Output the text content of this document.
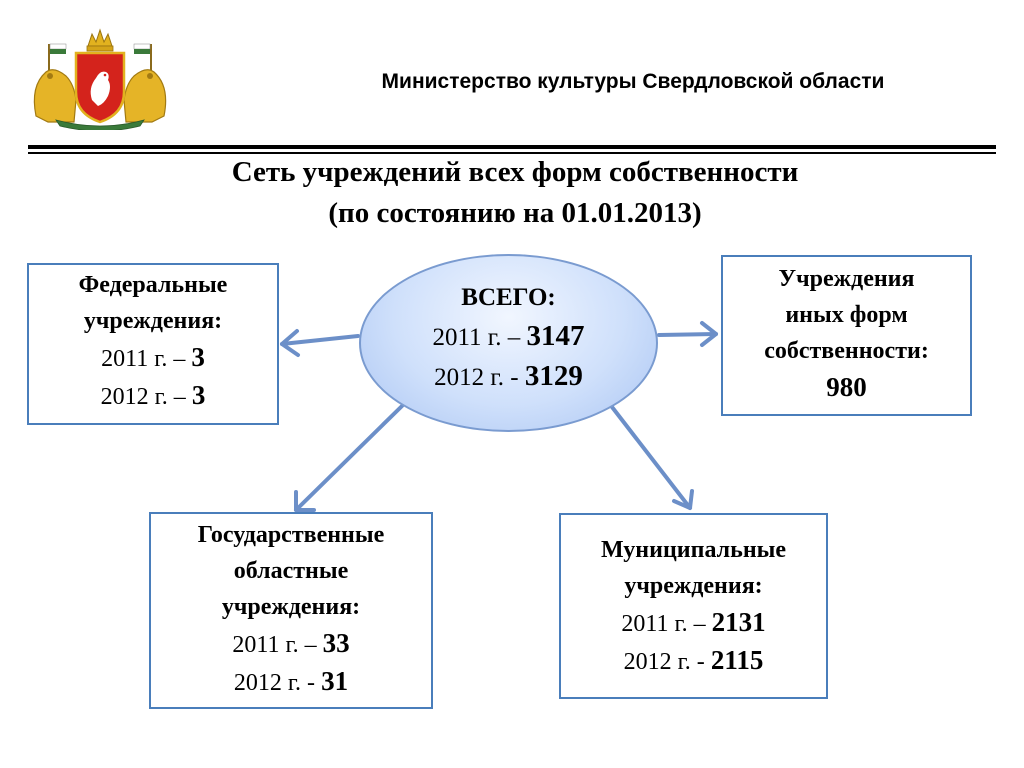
Министерство культуры Свердловской области
Сеть учреждений всех форм собственности
(по состоянию на 01.01.2013)
ВСЕГО:
2011 г. – 3147
2012 г. - 3129
Федеральные
учреждения:
2011 г. – 3
2012 г. – 3
Учреждения
иных форм
собственности:
980
Государственные
областные
учреждения:
2011 г. – 33
2012 г. - 31
Муниципальные
учреждения:
2011 г. – 2131
2012 г. - 2115
